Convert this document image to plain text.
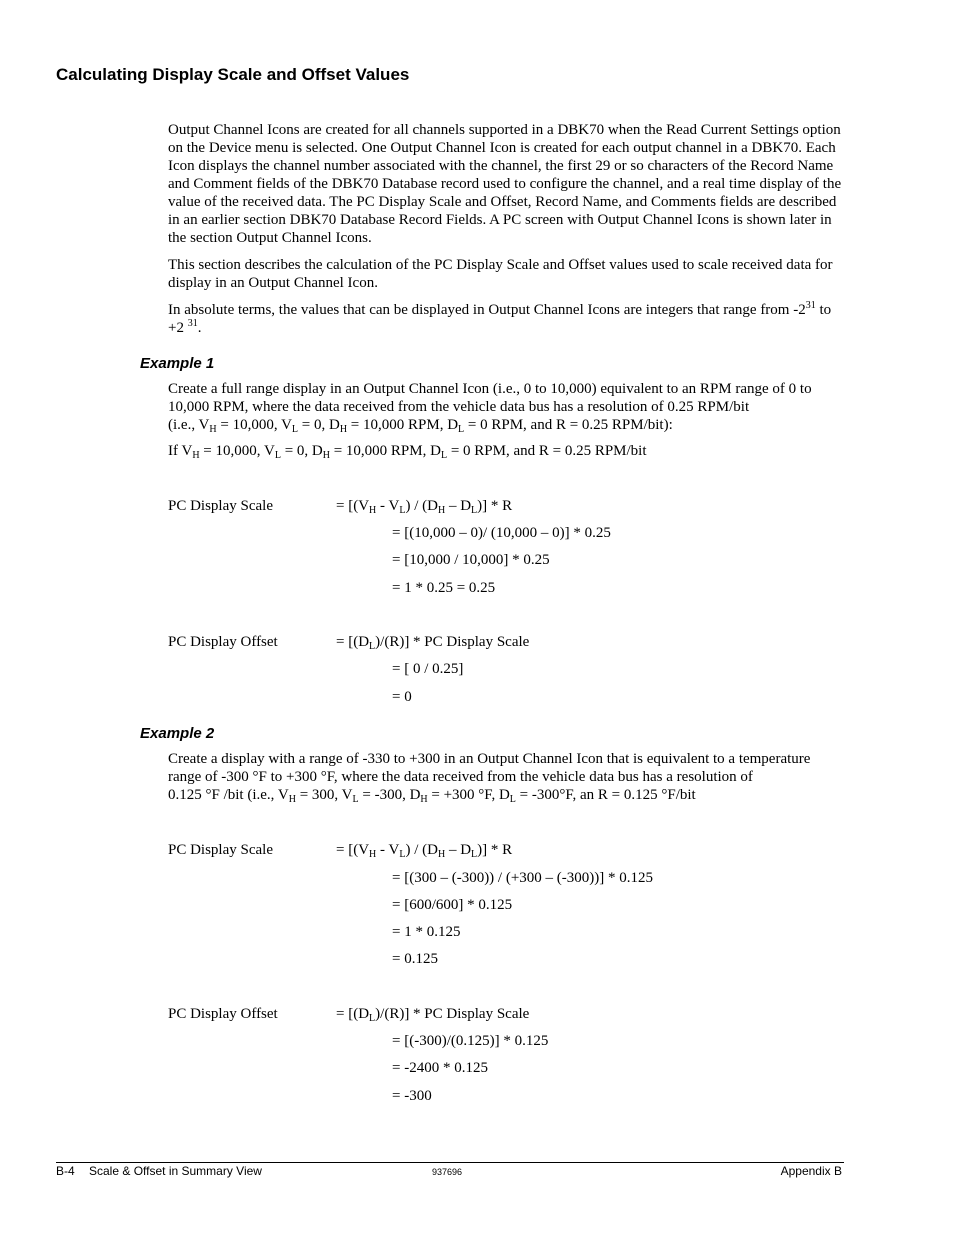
Calculating Display Scale and Offset Values
Output Channel Icons are created for all channels supported in a DBK70 when the Read Current Settings option on the Device menu is selected. One Output Channel Icon is created for each output channel in a DBK70. Each Icon displays the channel number associated with the channel, the first 29 or so characters of the Record Name and Comment fields of the DBK70 Database record used to configure the channel, and a real time display of the value of the received data. The PC Display Scale and Offset, Record Name, and Comments fields are described in an earlier section DBK70 Database Record Fields. A PC screen with Output Channel Icons is shown later in the section Output Channel Icons.
This section describes the calculation of the PC Display Scale and Offset values used to scale received data for display in an Output Channel Icon.
In absolute terms, the values that can be displayed in Output Channel Icons are integers that range from $-2^{31}$ to +2 $^{31}$.
Example 1
Create a full range display in an Output Channel Icon (i.e., 0 to 10,000) equivalent to an RPM range of 0 to 10,000 RPM, where the data received from the vehicle data bus has a resolution of 0.25 RPM/bit
(i.e., $V_H = 10,000$, $V_L = 0$, $D_H = 10,000$ RPM, $D_L = 0$ RPM, and R = 0.25 RPM/bit):
If $V_H = 10,000$, $V_L = 0$, $D_H = 10,000$ RPM, $D_L = 0$ RPM, and R = 0.25 RPM/bit
PC Display Scale	= $[(V_H - V_L) / (D_H - D_L)]$ * R
= [(10,000 – 0)/ (10,000 – 0)] * 0.25
= [10,000 / 10,000] * 0.25
= 1 * 0.25 = 0.25
PC Display Offset	= $[(D_L)/(R)]$ * PC Display Scale
= [ 0 / 0.25]
= 0
Example 2
Create a display with a range of -330 to +300 in an Output Channel Icon that is equivalent to a temperature range of -300 °F to +300 °F, where the data received from the vehicle data bus has a resolution of
0.125 °F /bit (i.e., $V_H = 300$, $V_L = -300$, $D_H = +300$ °F, $D_L = -300^\circ F$, an R = 0.125 °F/bit
PC Display Scale	= $[(V_H - V_L) / (D_H - D_L)]$ * R
= [(300 – (-300)) / (+300 – (-300))] * 0.125
= [600/600] * 0.125
= 1 * 0.125
= 0.125
PC Display Offset	= $[(D_L)/(R)]$ * PC Display Scale
= [(-300)/(0.125)] * 0.125
= -2400 * 0.125
= -300
B-4 Scale & Offset in Summary View	937696	Appendix B
